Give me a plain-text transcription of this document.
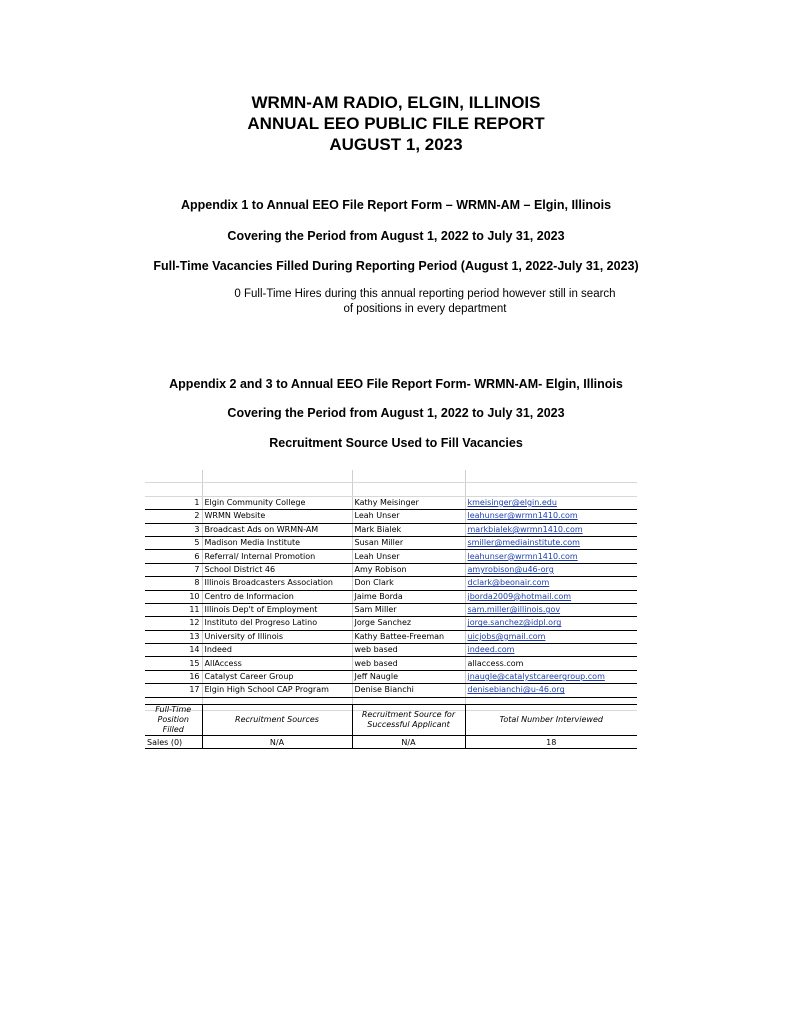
WRMN-AM RADIO, ELGIN, ILLINOIS
ANNUAL EEO PUBLIC FILE REPORT
AUGUST 1, 2023
Appendix 1 to Annual EEO File Report Form – WRMN-AM – Elgin, Illinois
Covering the Period from August 1, 2022 to July 31, 2023
Full-Time Vacancies Filled During Reporting Period (August 1, 2022-July 31, 2023)
0 Full-Time Hires during this annual reporting period however still in search
of positions in every department
Appendix 2 and 3 to Annual EEO File Report Form- WRMN-AM- Elgin, Illinois
Covering the Period from August 1, 2022 to July 31, 2023
Recruitment Source Used to Fill Vacancies

1	Elgin Community College	Kathy Meisinger	kmeisinger@elgin.edu
2	WRMN Website	Leah Unser	leahunser@wrmn1410.com
3	Broadcast Ads on WRMN-AM	Mark Bialek	markbialek@wrmn1410.com
5	Madison Media Institute	Susan Miller	smiller@mediainstitute.com
6	Referral/ Internal Promotion	Leah Unser	leahunser@wrmn1410.com
7	School District 46	Amy Robison	amyrobison@u46-org
8	Illinois Broadcasters Association	Don Clark	dclark@beonair.com
10	Centro de Informacion	Jaime Borda	jborda2009@hotmail.com
11	Illinois Dep't of Employment	Sam Miller	sam.miller@illinois.gov
12	Instituto del Progreso Latino	Jorge Sanchez	jorge.sanchez@idpl.org
13	University of Illinois	Kathy Battee-Freeman	uicjobs@gmail.com
14	Indeed	web based	indeed.com
15	AllAccess	web based	allaccess.com
16	Catalyst Career Group	Jeff Naugle	jnaugle@catalystcareergroup.com
17	Elgin High School CAP Program	Denise Bianchi	denisebianchi@u-46.org

Full-Time Position Filled	Recruitment Sources	Recruitment Source for Successful Applicant	Total Number Interviewed
Sales (0)	N/A	N/A	18
